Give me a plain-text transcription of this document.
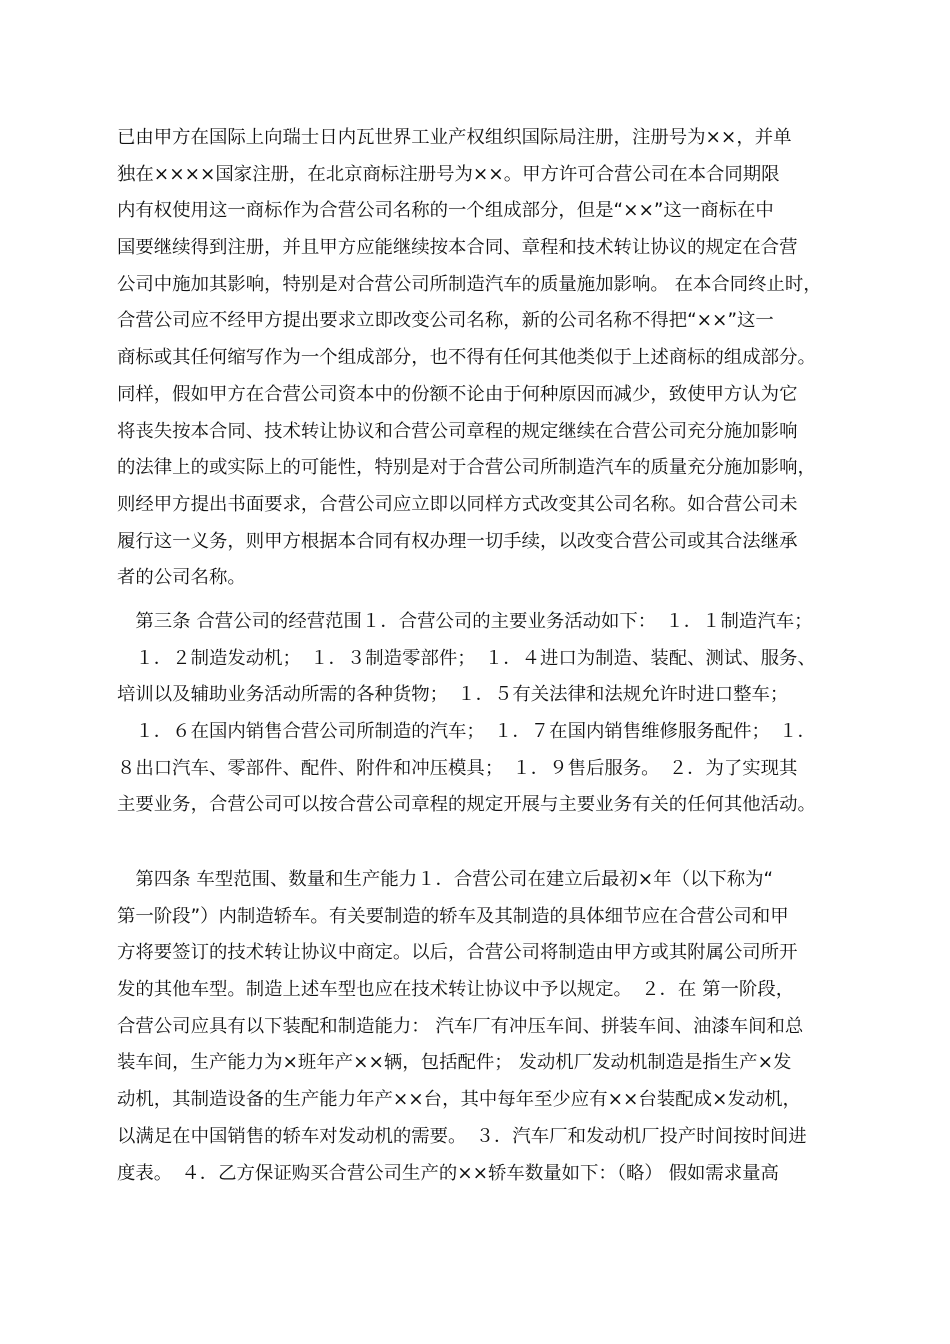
已由甲方在国际上向瑞士日内瓦世界工业产权组织国际局注册，注册号为××，并单
独在××××国家注册，在北京商标注册号为××。甲方许可合营公司在本合同期限
内有权使用这一商标作为合营公司名称的一个组成部分，但是“××”这一商标在中
国要继续得到注册，并且甲方应能继续按本合同、章程和技术转让协议的规定在合营
公司中施加其影响，特别是对合营公司所制造汽车的质量施加影响。 在本合同终止时，
合营公司应不经甲方提出要求立即改变公司名称，新的公司名称不得把“××”这一
商标或其任何缩写作为一个组成部分，也不得有任何其他类似于上述商标的组成部分。
同样，假如甲方在合营公司资本中的份额不论由于何种原因而减少，致使甲方认为它
将丧失按本合同、技术转让协议和合营公司章程的规定继续在合营公司充分施加影响
的法律上的或实际上的可能性，特别是对于合营公司所制造汽车的质量充分施加影响，
则经甲方提出书面要求，合营公司应立即以同样方式改变其公司名称。如合营公司未
履行这一义务，则甲方根据本合同有权办理一切手续，以改变合营公司或其合法继承
者的公司名称。
　第三条 合营公司的经营范围１．合营公司的主要业务活动如下：　１．１制造汽车；
　１．２制造发动机；　１．３制造零部件；　１．４进口为制造、装配、测试、服务、
培训以及辅助业务活动所需的各种货物；　１．５有关法律和法规允许时进口整车；
　１．６在国内销售合营公司所制造的汽车；　１．７在国内销售维修服务配件；　１．
８出口汽车、零部件、配件、附件和冲压模具；　１．９售后服务。　２．为了实现其
主要业务，合营公司可以按合营公司章程的规定开展与主要业务有关的任何其他活动。
　第四条 车型范围、数量和生产能力１．合营公司在建立后最初×年（以下称为“
第一阶段”）内制造轿车。有关要制造的轿车及其制造的具体细节应在合营公司和甲
方将要签订的技术转让协议中商定。以后，合营公司将制造由甲方或其附属公司所开
发的其他车型。制造上述车型也应在技术转让协议中予以规定。　２．在 第一阶段，
合营公司应具有以下装配和制造能力： 汽车厂有冲压车间、拼装车间、油漆车间和总
装车间，生产能力为×班年产××辆，包括配件； 发动机厂发动机制造是指生产×发
动机，其制造设备的生产能力年产××台，其中每年至少应有××台装配成×发动机，
以满足在中国销售的轿车对发动机的需要。　３．汽车厂和发动机厂投产时间按时间进
度表。　４．乙方保证购买合营公司生产的××轿车数量如下：（略） 假如需求量高
